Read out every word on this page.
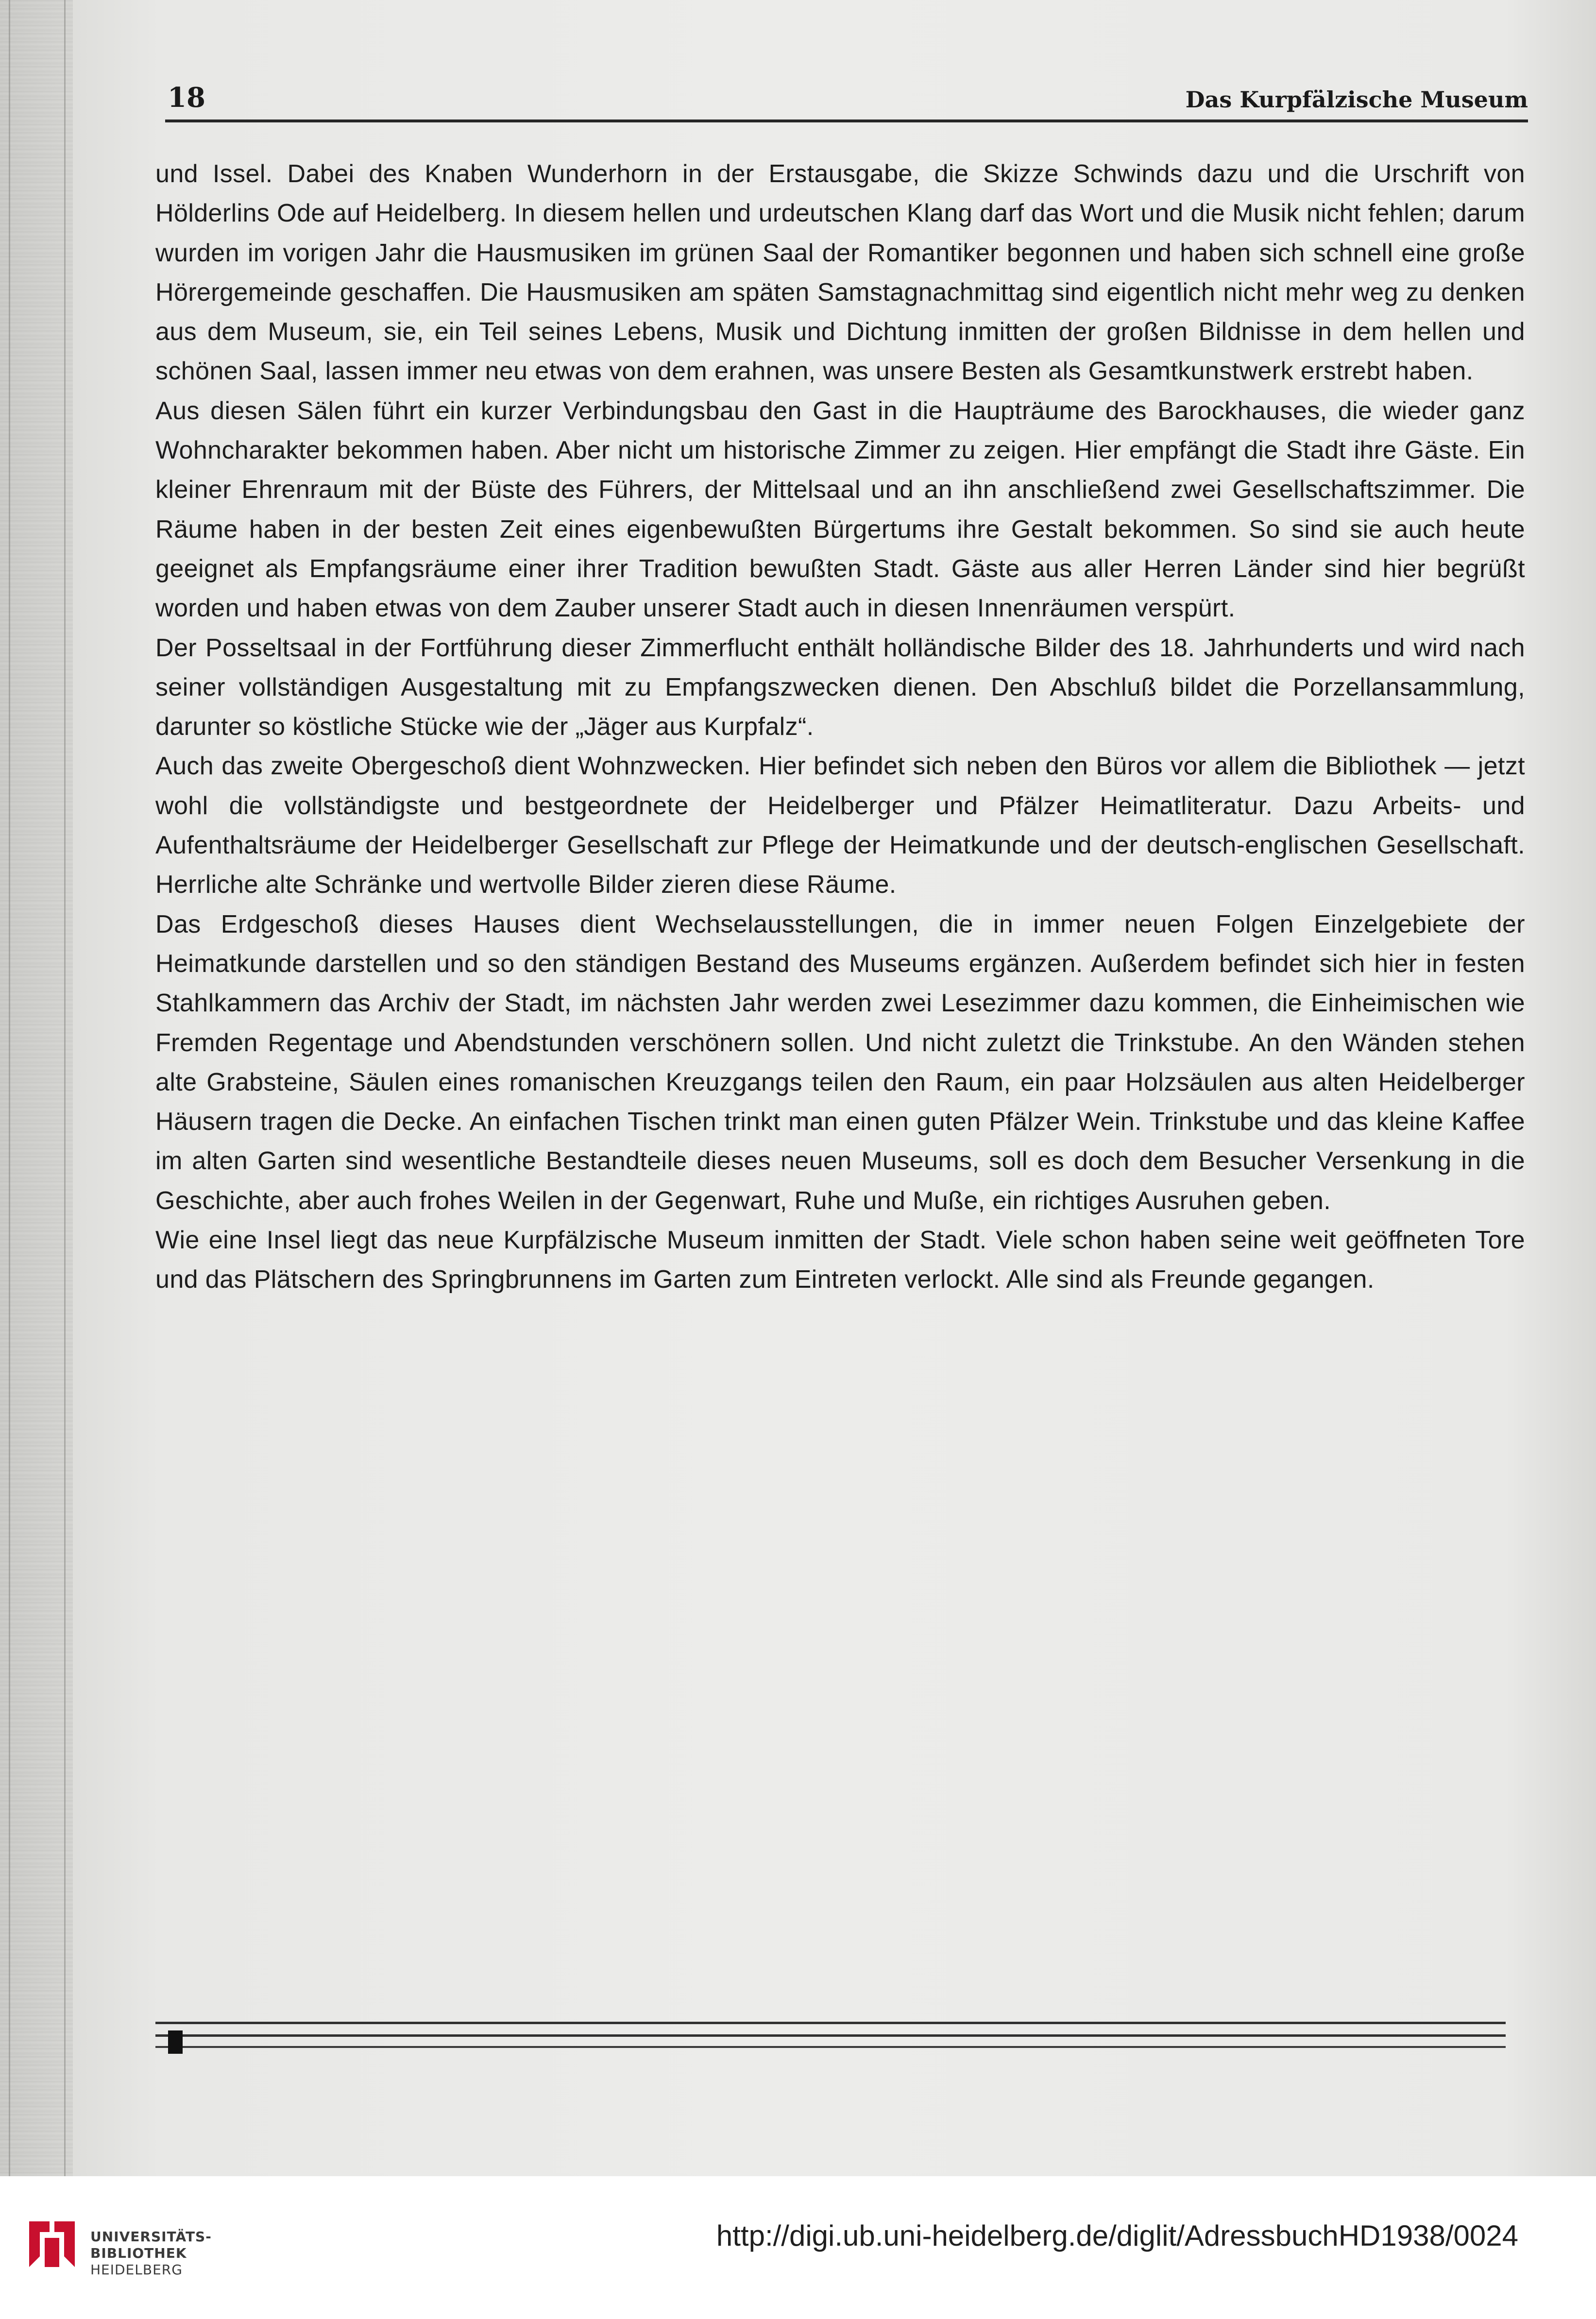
18	Das Kurpfälzische Museum

und Issel. Dabei des Knaben Wunderhorn in der Erstausgabe, die Skizze Schwinds dazu und die Urschrift von Hölderlins Ode auf Heidelberg. In diesem hellen und urdeutschen Klang darf das Wort und die Musik nicht fehlen; darum wurden im vorigen Jahr die Hausmusiken im grünen Saal der Romantiker begonnen und haben sich schnell eine große Hörergemeinde geschaffen. Die Hausmusiken am späten Samstagnachmittag sind eigentlich nicht mehr weg zu denken aus dem Museum, sie, ein Teil seines Lebens, Musik und Dichtung inmitten der großen Bildnisse in dem hellen und schönen Saal, lassen immer neu etwas von dem erahnen, was unsere Besten als Gesamtkunstwerk erstrebt haben.

Aus diesen Sälen führt ein kurzer Verbindungsbau den Gast in die Haupträume des Barockhauses, die wieder ganz Wohncharakter bekommen haben. Aber nicht um historische Zimmer zu zeigen. Hier empfängt die Stadt ihre Gäste. Ein kleiner Ehrenraum mit der Büste des Führers, der Mittelsaal und an ihn anschließend zwei Gesellschaftszimmer. Die Räume haben in der besten Zeit eines eigenbewußten Bürgertums ihre Gestalt bekommen. So sind sie auch heute geeignet als Empfangsräume einer ihrer Tradition bewußten Stadt. Gäste aus aller Herren Länder sind hier begrüßt worden und haben etwas von dem Zauber unserer Stadt auch in diesen Innenräumen verspürt.

Der Posseltsaal in der Fortführung dieser Zimmerflucht enthält holländische Bilder des 18. Jahrhunderts und wird nach seiner vollständigen Ausgestaltung mit zu Empfangszwecken dienen. Den Abschluß bildet die Porzellansammlung, darunter so köstliche Stücke wie der „Jäger aus Kurpfalz“.

Auch das zweite Obergeschoß dient Wohnzwecken. Hier befindet sich neben den Büros vor allem die Bibliothek — jetzt wohl die vollständigste und bestgeordnete der Heidelberger und Pfälzer Heimatliteratur. Dazu Arbeits- und Aufenthaltsräume der Heidelberger Gesellschaft zur Pflege der Heimatkunde und der deutsch-englischen Gesellschaft. Herrliche alte Schränke und wertvolle Bilder zieren diese Räume.

Das Erdgeschoß dieses Hauses dient Wechselausstellungen, die in immer neuen Folgen Einzelgebiete der Heimatkunde darstellen und so den ständigen Bestand des Museums ergänzen. Außerdem befindet sich hier in festen Stahlkammern das Archiv der Stadt, im nächsten Jahr werden zwei Lesezimmer dazu kommen, die Einheimischen wie Fremden Regentage und Abendstunden verschönern sollen. Und nicht zuletzt die Trinkstube. An den Wänden stehen alte Grabsteine, Säulen eines romanischen Kreuzgangs teilen den Raum, ein paar Holzsäulen aus alten Heidelberger Häusern tragen die Decke. An einfachen Tischen trinkt man einen guten Pfälzer Wein. Trinkstube und das kleine Kaffee im alten Garten sind wesentliche Bestandteile dieses neuen Museums, soll es doch dem Besucher Versenkung in die Geschichte, aber auch frohes Weilen in der Gegenwart, Ruhe und Muße, ein richtiges Ausruhen geben.

Wie eine Insel liegt das neue Kurpfälzische Museum inmitten der Stadt. Viele schon haben seine weit geöffneten Tore und das Plätschern des Springbrunnens im Garten zum Eintreten verlockt. Alle sind als Freunde gegangen.

UNIVERSITÄTS-
BIBLIOTHEK
HEIDELBERG
http://digi.ub.uni-heidelberg.de/diglit/AdressbuchHD1938/0024
